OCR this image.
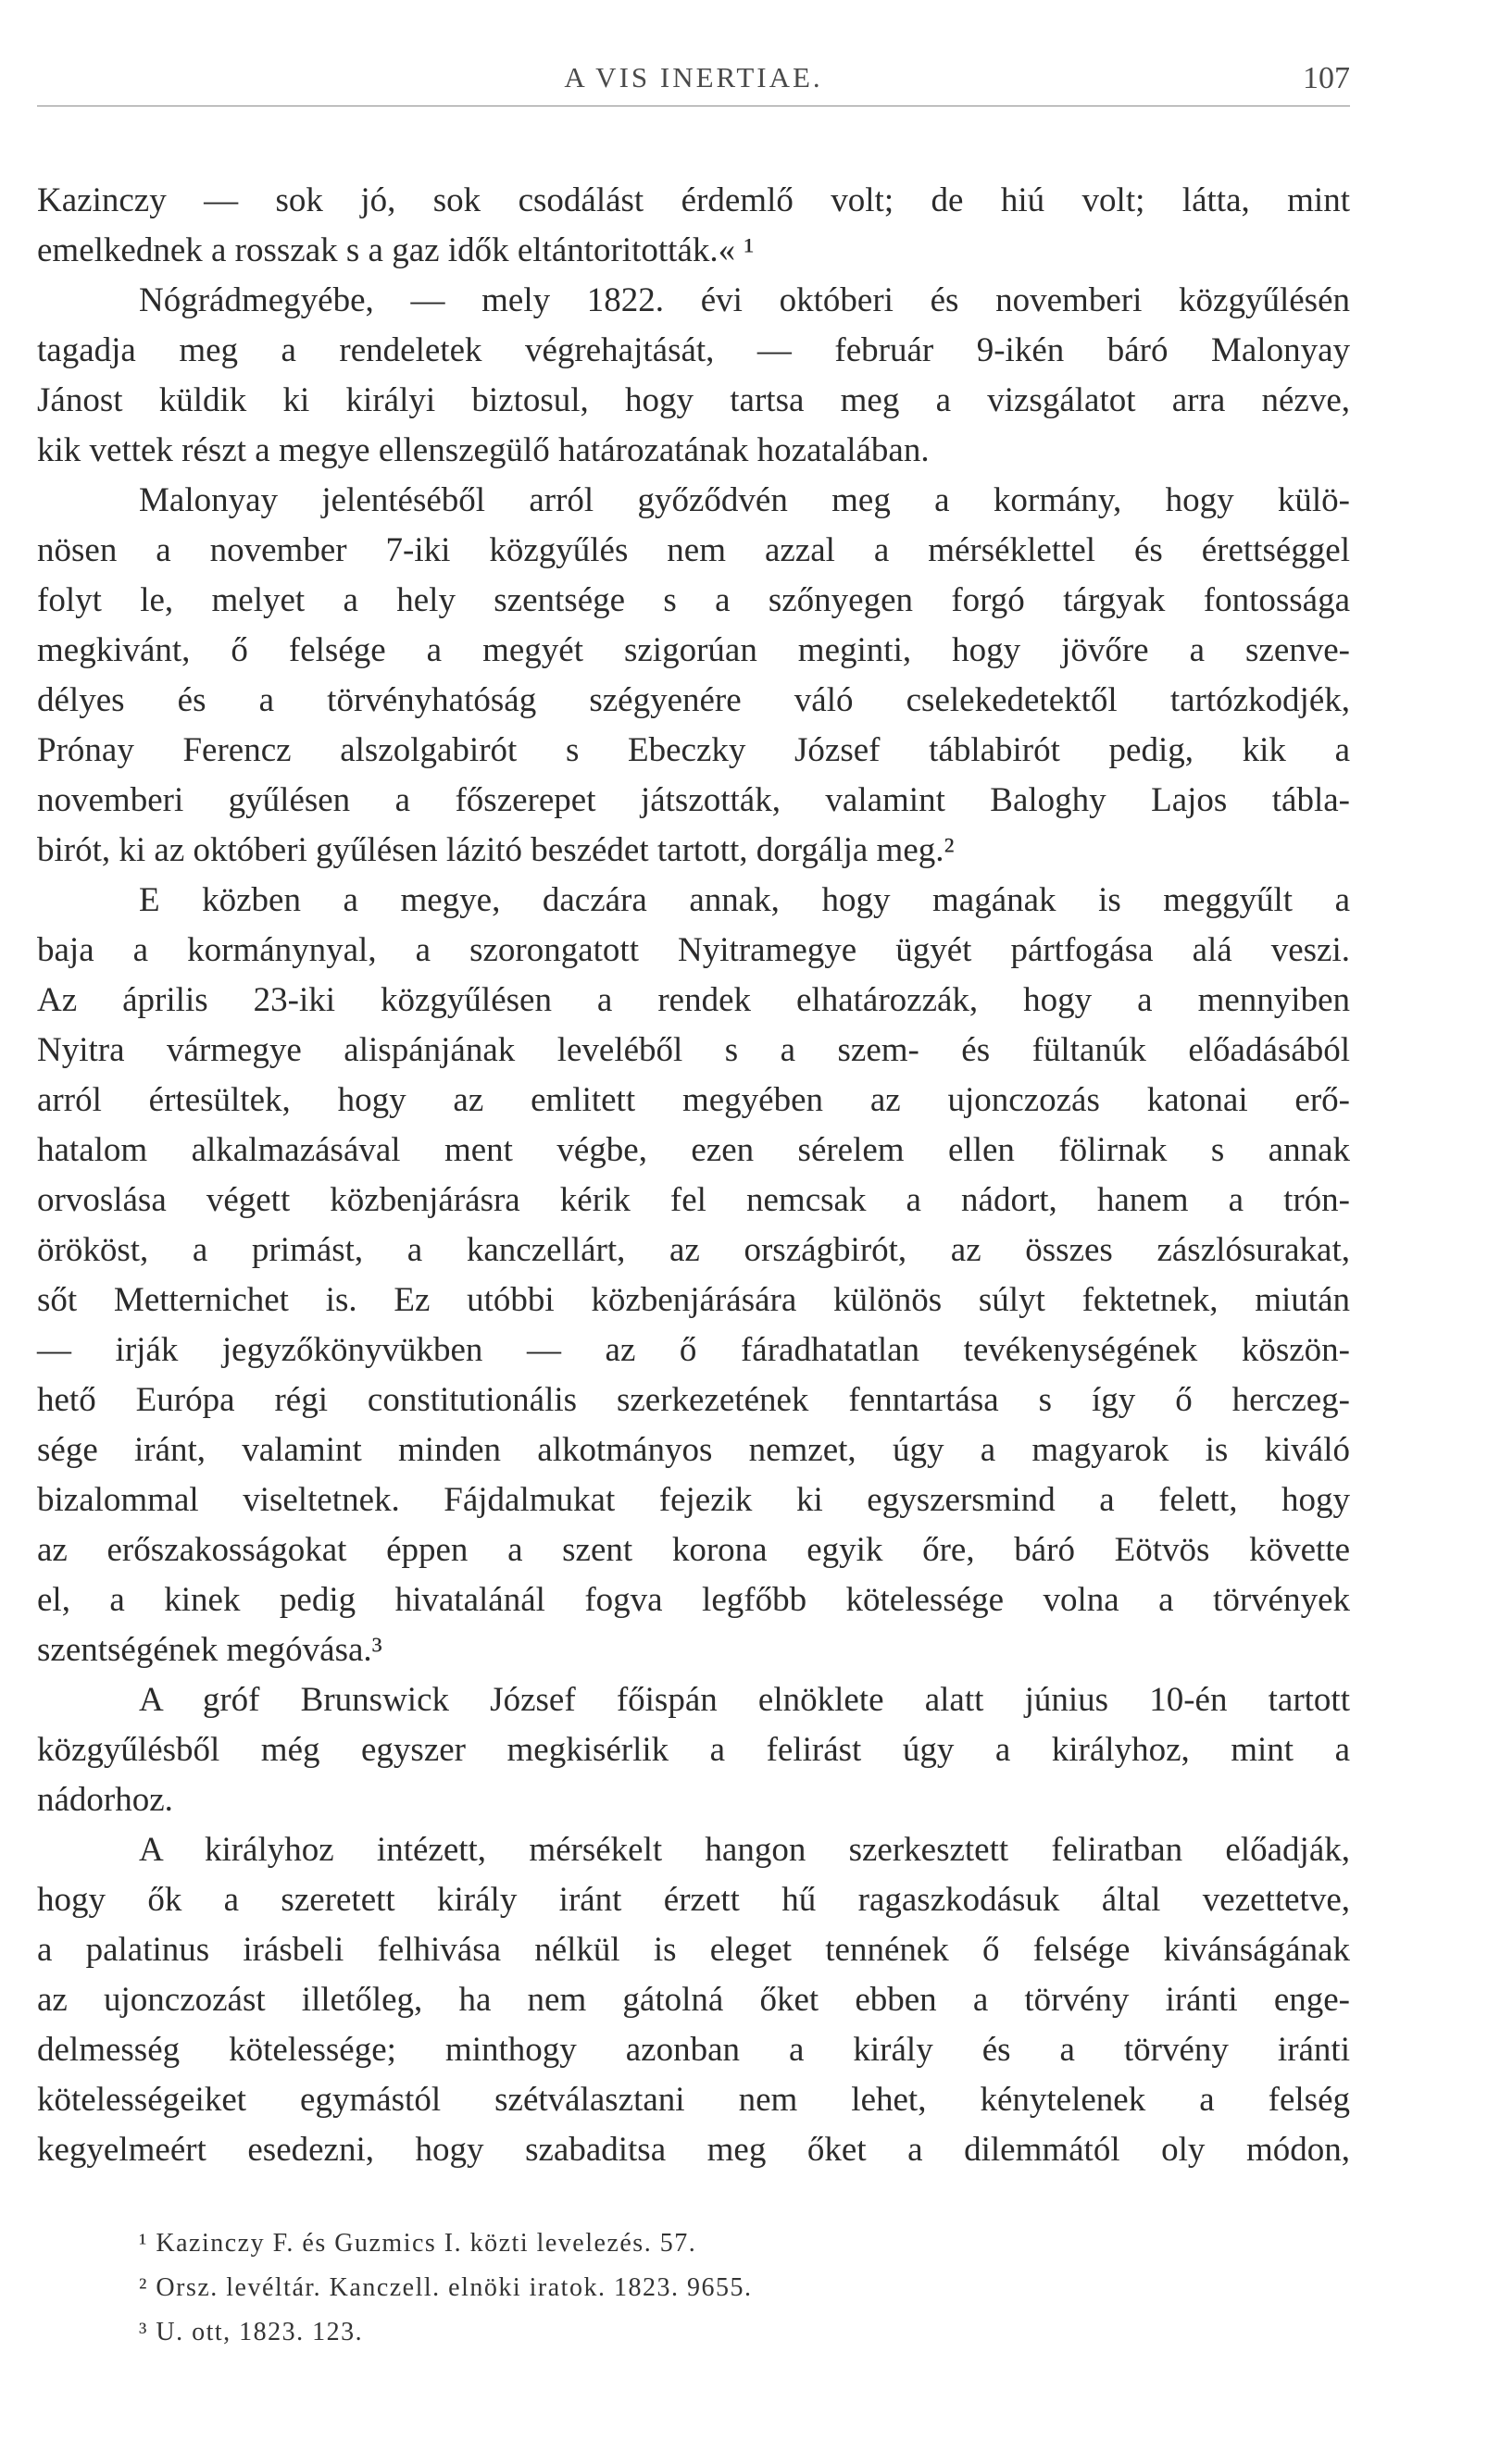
A VIS INERTIAE.	107
Kazinczy — sok jó, sok csodálást érdemlő volt; de hiú volt; látta, mint
emelkednek a rosszak s a gaz idők eltántoritották.« ¹
Nógrádmegyébe, — mely 1822. évi októberi és novemberi közgyűlésén
tagadja meg a rendeletek végrehajtását, — február 9-ikén báró Malonyay
Jánost küldik ki királyi biztosul, hogy tartsa meg a vizsgálatot arra nézve,
kik vettek részt a megye ellenszegülő határozatának hozatalában.
Malonyay jelentéséből arról győződvén meg a kormány, hogy külö-
nösen a november 7-iki közgyűlés nem azzal a mérséklettel és érettséggel
folyt le, melyet a hely szentsége s a szőnyegen forgó tárgyak fontossága
megkivánt, ő felsége a megyét szigorúan meginti, hogy jövőre a szenve-
délyes és a törvényhatóság szégyenére váló cselekedetektől tartózkodjék,
Prónay Ferencz alszolgabirót s Ebeczky József táblabirót pedig, kik a
novemberi gyűlésen a főszerepet játszották, valamint Baloghy Lajos tábla-
birót, ki az októberi gyűlésen lázitó beszédet tartott, dorgálja meg.²
E közben a megye, daczára annak, hogy magának is meggyűlt a
baja a kormánynyal, a szorongatott Nyitramegye ügyét pártfogása alá veszi.
Az április 23-iki közgyűlésen a rendek elhatározzák, hogy a mennyiben
Nyitra vármegye alispánjának leveléből s a szem- és fültanúk előadásából
arról értesültek, hogy az emlitett megyében az ujonczozás katonai erő-
hatalom alkalmazásával ment végbe, ezen sérelem ellen fölirnak s annak
orvoslása végett közbenjárásra kérik fel nemcsak a nádort, hanem a trón-
örököst, a primást, a kanczellárt, az országbirót, az összes zászlósurakat,
sőt Metternichet is. Ez utóbbi közbenjárására különös súlyt fektetnek, miután
— irják jegyzőkönyvükben — az ő fáradhatatlan tevékenységének köszön-
hető Európa régi constitutionális szerkezetének fenntartása s így ő herczeg-
sége iránt, valamint minden alkotmányos nemzet, úgy a magyarok is kiváló
bizalommal viseltetnek. Fájdalmukat fejezik ki egyszersmind a felett, hogy
az erőszakosságokat éppen a szent korona egyik őre, báró Eötvös követte
el, a kinek pedig hivatalánál fogva legfőbb kötelessége volna a törvények
szentségének megóvása.³
A gróf Brunswick József főispán elnöklete alatt június 10-én tartott
közgyűlésből még egyszer megkisérlik a felirást úgy a királyhoz, mint a
nádorhoz.
A királyhoz intézett, mérsékelt hangon szerkesztett feliratban előadják,
hogy ők a szeretett király iránt érzett hű ragaszkodásuk által vezettetve,
a palatinus irásbeli felhivása nélkül is eleget tennének ő felsége kivánságának
az ujonczozást illetőleg, ha nem gátolná őket ebben a törvény iránti enge-
delmesség kötelessége; minthogy azonban a király és a törvény iránti
kötelességeiket egymástól szétválasztani nem lehet, kénytelenek a felség
kegyelmeért esedezni, hogy szabaditsa meg őket a dilemmától oly módon,
¹ Kazinczy F. és Guzmics I. közti levelezés. 57.
² Orsz. levéltár. Kanczell. elnöki iratok. 1823. 9655.
³ U. ott, 1823. 123.
